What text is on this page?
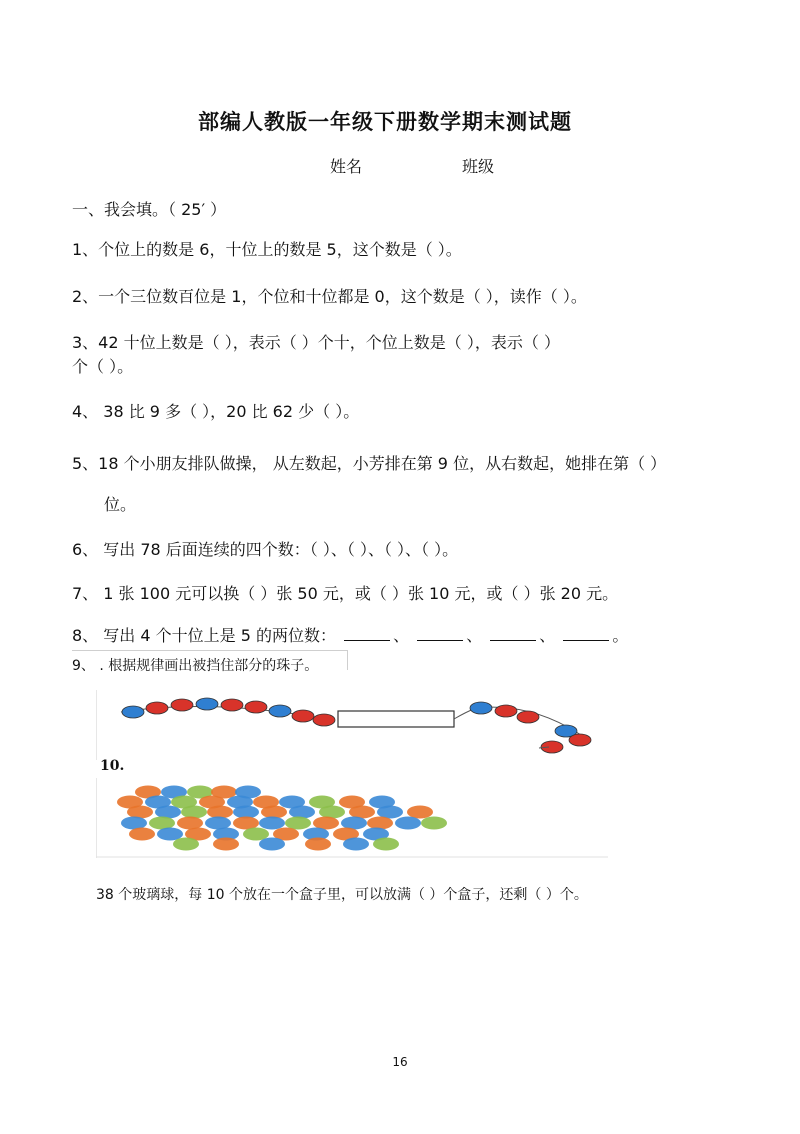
部编人教版一年级下册数学期末测试题
姓名	班级
一、我会填。（ 25′ ）
1、个位上的数是 6，十位上的数是 5，这个数是（ ）。
2、一个三位数百位是 1，个位和十位都是 0，这个数是（ ），读作（ ）。
3、42 十位上数是（ ），表示（ ）个十，个位上数是（ ），表示（ ）
个（ ）。
4、 38 比 9 多（ ），20 比 62 少（ ）。
5、18 个小朋友排队做操， 从左数起，小芳排在第 9 位，从右数起，她排在第（ ）
位。
6、 写出 78 后面连续的四个数：（ ）、（ ）、（ ）、（ ）。
7、 1 张 100 元可以换（ ）张 50 元，或（ ）张 10 元，或（ ）张 20 元。
8、 写出 4 个十位上是 5 的两位数：	、	、	、	。
9、 . 根据规律画出被挡住部分的珠子。
10.
38 个玻璃球，每 10 个放在一个盒子里，可以放满（ ）个盒子，还剩（ ）个。
16
